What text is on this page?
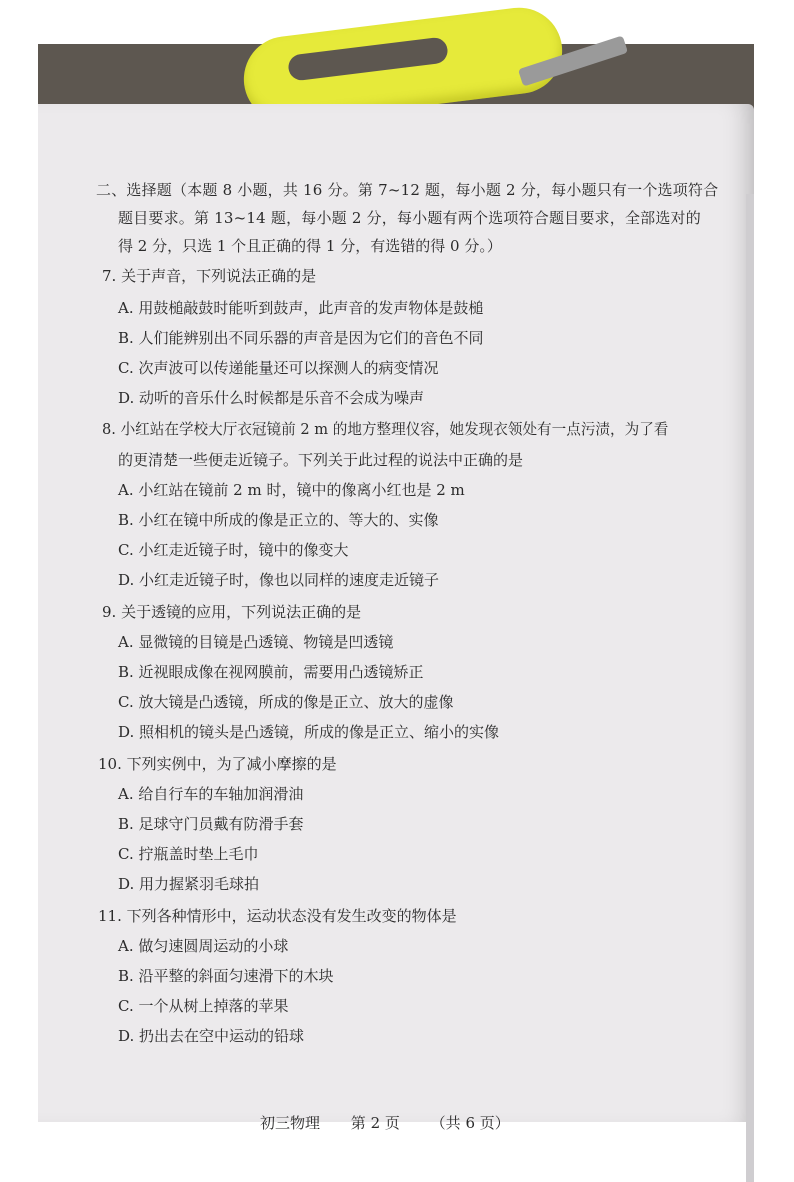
二、选择题（本题 8 小题，共 16 分。第 7~12 题，每小题 2 分，每小题只有一个选项符合
题目要求。第 13~14 题，每小题 2 分，每小题有两个选项符合题目要求，全部选对的
得 2 分，只选 1 个且正确的得 1 分，有选错的得 0 分。）
7. 关于声音，下列说法正确的是
A. 用鼓槌敲鼓时能听到鼓声，此声音的发声物体是鼓槌
B. 人们能辨别出不同乐器的声音是因为它们的音色不同
C. 次声波可以传递能量还可以探测人的病变情况
D. 动听的音乐什么时候都是乐音不会成为噪声
8. 小红站在学校大厅衣冠镜前 2 m 的地方整理仪容，她发现衣领处有一点污渍，为了看
的更清楚一些便走近镜子。下列关于此过程的说法中正确的是
A. 小红站在镜前 2 m 时，镜中的像离小红也是 2 m
B. 小红在镜中所成的像是正立的、等大的、实像
C. 小红走近镜子时，镜中的像变大
D. 小红走近镜子时，像也以同样的速度走近镜子
9. 关于透镜的应用，下列说法正确的是
A. 显微镜的目镜是凸透镜、物镜是凹透镜
B. 近视眼成像在视网膜前，需要用凸透镜矫正
C. 放大镜是凸透镜，所成的像是正立、放大的虚像
D. 照相机的镜头是凸透镜，所成的像是正立、缩小的实像
10. 下列实例中，为了减小摩擦的是
A. 给自行车的车轴加润滑油
B. 足球守门员戴有防滑手套
C. 拧瓶盖时垫上毛巾
D. 用力握紧羽毛球拍
11. 下列各种情形中，运动状态没有发生改变的物体是
A. 做匀速圆周运动的小球
B. 沿平整的斜面匀速滑下的木块
C. 一个从树上掉落的苹果
D. 扔出去在空中运动的铅球
初三物理 第 2 页 （共 6 页）
